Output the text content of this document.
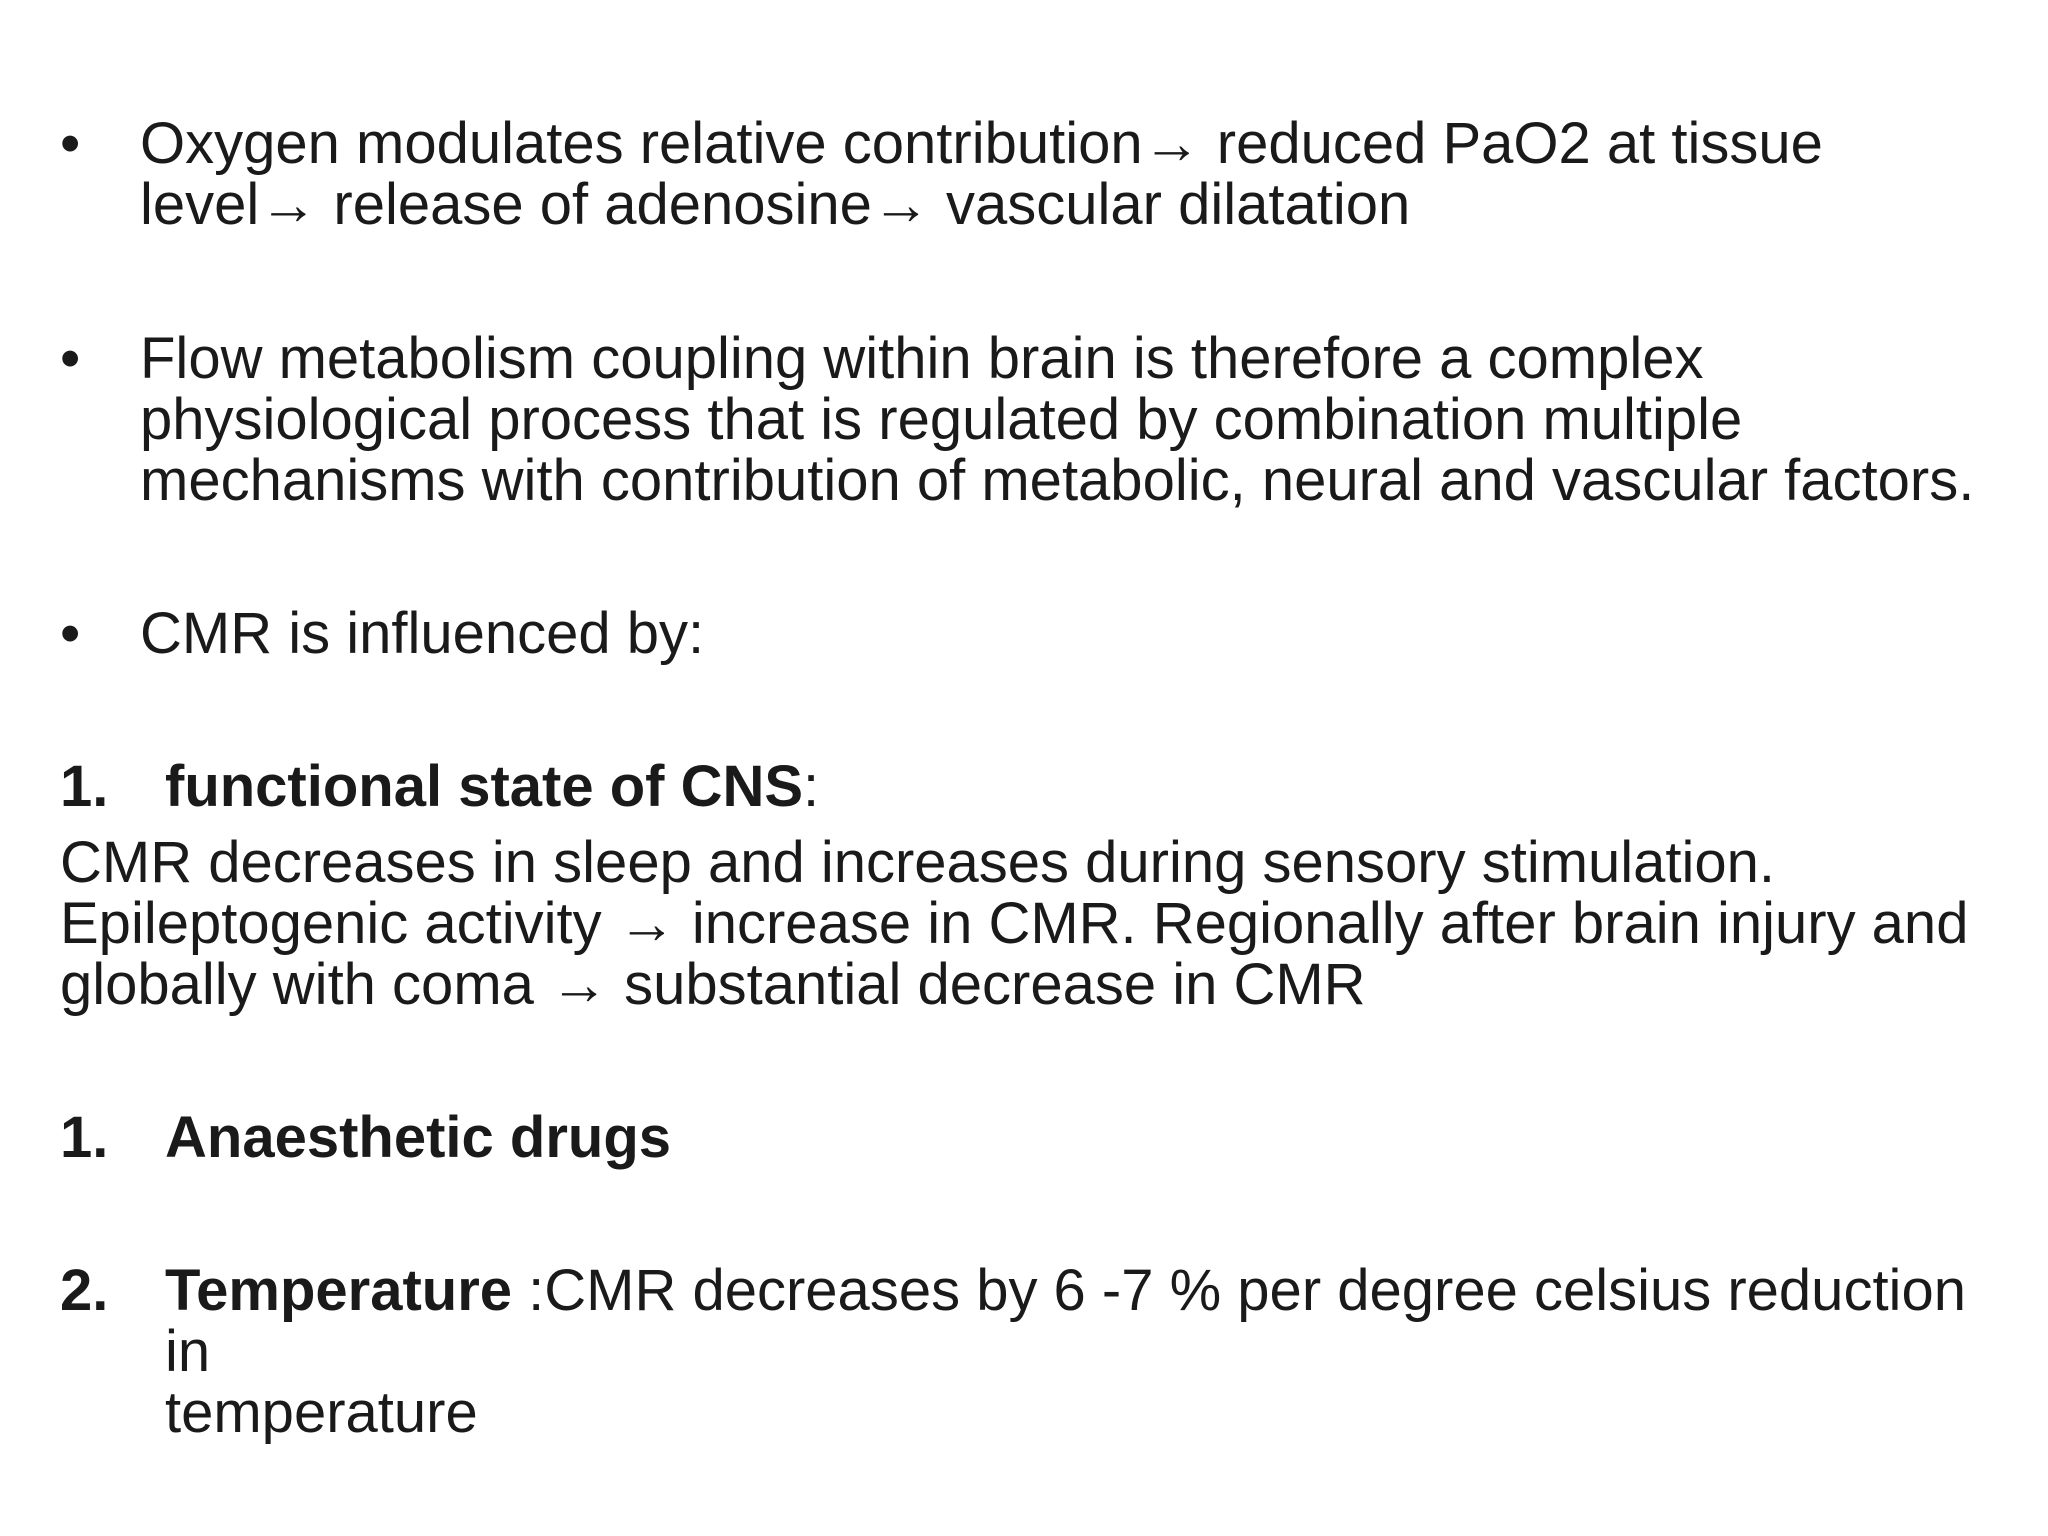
•	Oxygen modulates relative contribution→ reduced PaO2 at tissue
level→ release of adenosine→ vascular dilatation
•	Flow metabolism coupling within brain is therefore a complex
physiological process that is regulated by combination multiple
mechanisms with contribution of metabolic, neural and vascular factors.
•	CMR is influenced by:
1. functional state of CNS:
CMR decreases in sleep and increases during sensory stimulation.
Epileptogenic activity → increase in CMR. Regionally after brain injury and
globally with coma → substantial decrease in CMR
1. Anaesthetic drugs
2. Temperature :CMR decreases by 6 -7 % per degree celsius reduction in
temperature
